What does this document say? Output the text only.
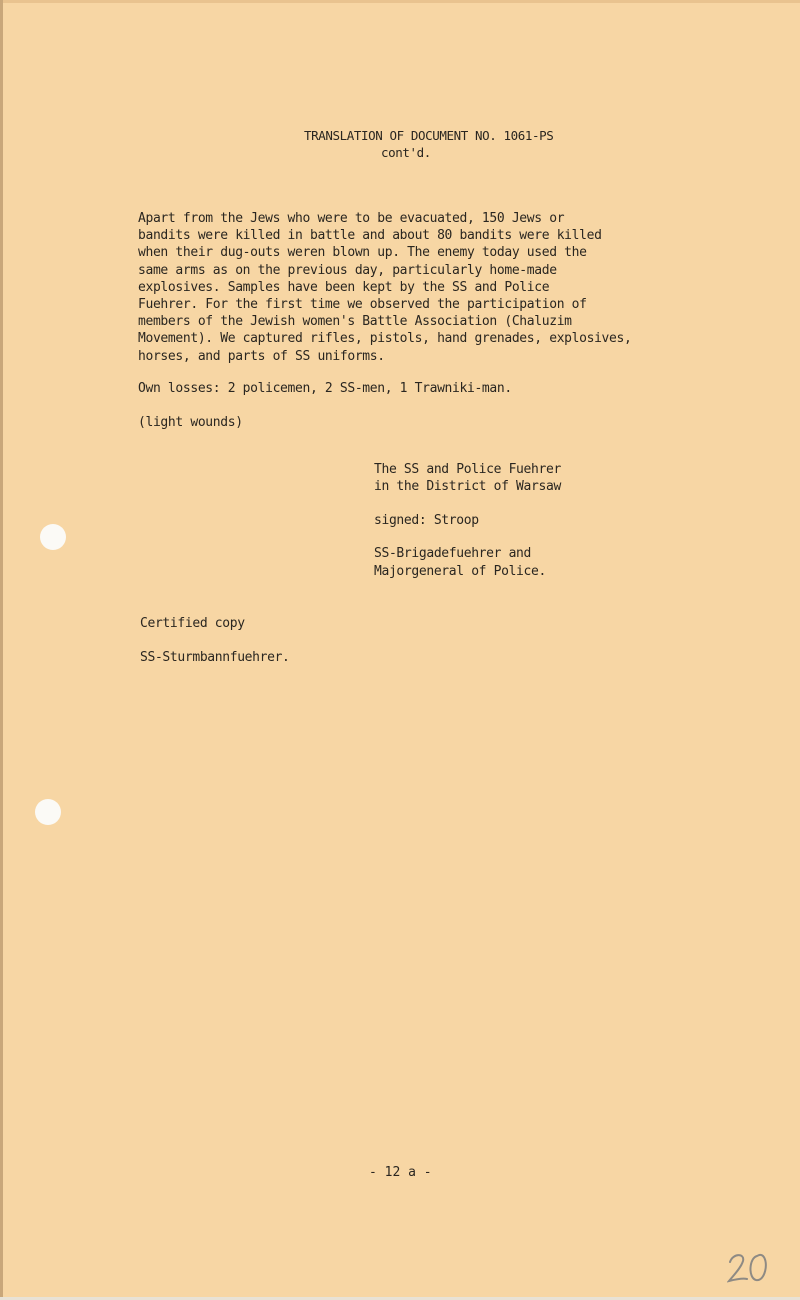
TRANSLATION OF DOCUMENT NO. 1061-PS
cont'd.
Apart from the Jews who were to be evacuated, 150 Jews or
bandits were killed in battle and about 80 bandits were killed
when their dug-outs weren blown up. The enemy today used the
same arms as on the previous day, particularly home-made
explosives. Samples have been kept by the SS and Police
Fuehrer. For the first time we observed the participation of
members of the Jewish women's Battle Association (Chaluzim
Movement). We captured rifles, pistols, hand grenades, explosives,
horses, and parts of SS uniforms.
Own losses: 2 policemen, 2 SS-men, 1 Trawniki-man.
(light wounds)
The SS and Police Fuehrer
in the District of Warsaw
signed: Stroop
SS-Brigadefuehrer and
Majorgeneral of Police.
Certified copy
SS-Sturmbannfuehrer.
- 12 a -
